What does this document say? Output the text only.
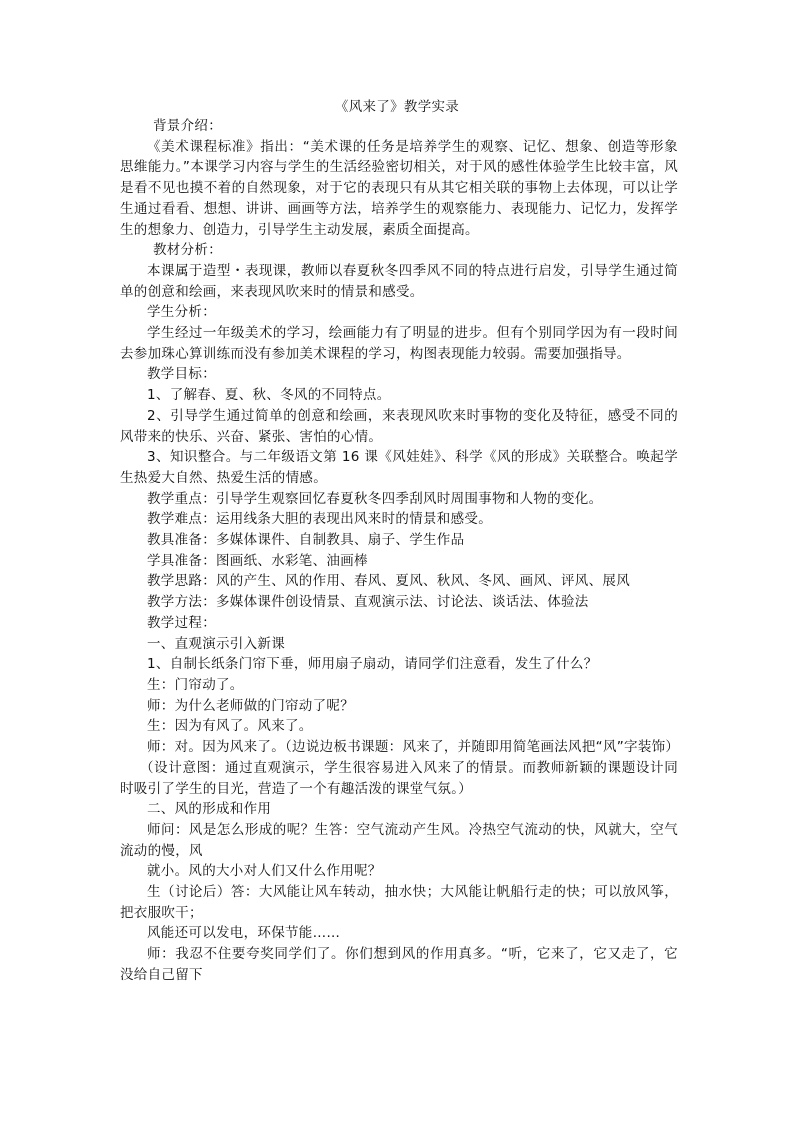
《风来了》教学实录

背景介绍：

《美术课程标准》指出：“美术课的任务是培养学生的观察、记忆、想象、创造等形象思维能力。”本课学习内容与学生的生活经验密切相关，对于风的感性体验学生比较丰富，风是看不见也摸不着的自然现象，对于它的表现只有从其它相关联的事物上去体现，可以让学生通过看看、想想、讲讲、画画等方法，培养学生的观察能力、表现能力、记忆力，发挥学生的想象力、创造力，引导学生主动发展，素质全面提高。

教材分析：

本课属于造型・表现课，教师以春夏秋冬四季风不同的特点进行启发，引导学生通过简单的创意和绘画，来表现风吹来时的情景和感受。

学生分析：

学生经过一年级美术的学习，绘画能力有了明显的进步。但有个别同学因为有一段时间去参加珠心算训练而没有参加美术课程的学习，构图表现能力较弱。需要加强指导。

教学目标：

1、了解春、夏、秋、冬风的不同特点。

2、引导学生通过简单的创意和绘画，来表现风吹来时事物的变化及特征，感受不同的风带来的快乐、兴奋、紧张、害怕的心情。

3、知识整合。与二年级语文第 16 课《风娃娃》、科学《风的形成》关联整合。唤起学生热爱大自然、热爱生活的情感。

教学重点：引导学生观察回忆春夏秋冬四季刮风时周围事物和人物的变化。

教学难点：运用线条大胆的表现出风来时的情景和感受。

教具准备：多媒体课件、自制教具、扇子、学生作品

学具准备：图画纸、水彩笔、油画棒

教学思路：风的产生、风的作用、春风、夏风、秋风、冬风、画风、评风、展风

教学方法：多媒体课件创设情景、直观演示法、讨论法、谈话法、体验法

教学过程：

一、直观演示引入新课

1、自制长纸条门帘下垂，师用扇子扇动，请同学们注意看，发生了什么？

生：门帘动了。

师：为什么老师做的门帘动了呢？

生：因为有风了。风来了。

师：对。因为风来了。（边说边板书课题：风来了，并随即用简笔画法风把“风”字装饰）

（设计意图：通过直观演示，学生很容易进入风来了的情景。而教师新颖的课题设计同时吸引了学生的目光，营造了一个有趣活泼的课堂气氛。）

二、风的形成和作用

师问：风是怎么形成的呢？生答：空气流动产生风。冷热空气流动的快，风就大，空气流动的慢，风

就小。风的大小对人们又什么作用呢？

生（讨论后）答：大风能让风车转动，抽水快；大风能让帆船行走的快；可以放风筝，把衣服吹干；

风能还可以发电，环保节能……

师：我忍不住要夸奖同学们了。你们想到风的作用真多。“听，它来了，它又走了，它没给自己留下
